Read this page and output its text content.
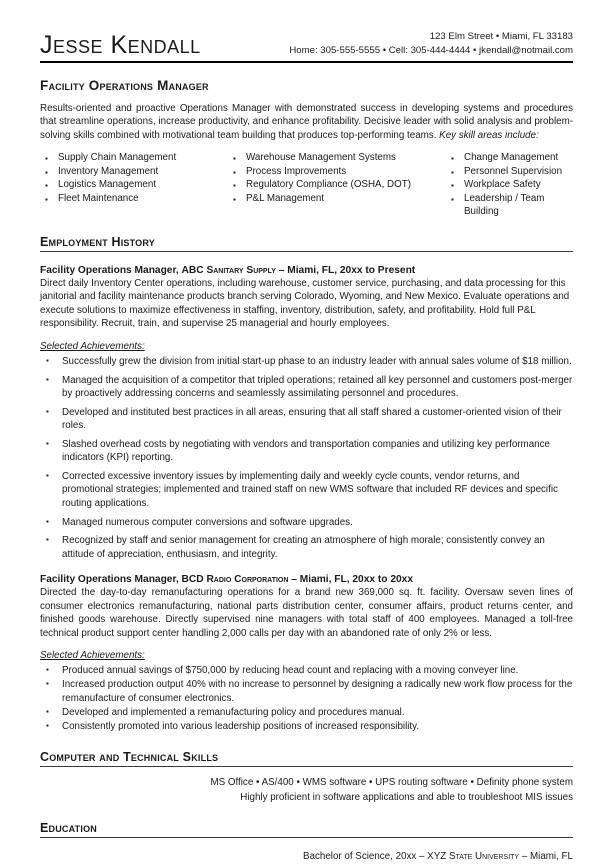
Jesse Kendall	123 Elm Street • Miami, FL 33183
Home: 305-555-5555 • Cell: 305-444-4444 • jkendall@notmail.com
Facility Operations Manager

Results-oriented and proactive Operations Manager with demonstrated success in developing systems and procedures that streamline operations, increase productivity, and enhance profitability. Decisive leader with solid analysis and problem-solving skills combined with motivational team building that produces top-performing teams. Key skill areas include:

▪ Supply Chain Management
▪ Inventory Management
▪ Logistics Management
▪ Fleet Maintenance
▪ Warehouse Management Systems
▪ Process Improvements
▪ Regulatory Compliance (OSHA, DOT)
▪ P&L Management
▪ Change Management
▪ Personnel Supervision
▪ Workplace Safety
▪ Leadership / Team Building
Employment History
Facility Operations Manager, ABC Sanitary Supply – Miami, FL, 20xx to Present

Direct daily Inventory Center operations, including warehouse, customer service, purchasing, and data processing for this janitorial and facility maintenance products branch serving Colorado, Wyoming, and New Mexico. Evaluate operations and execute solutions to maximize effectiveness in staffing, inventory, distribution, safety, and profitability. Hold full P&L responsibility. Recruit, train, and supervise 25 managerial and hourly employees.

Selected Achievements:
▪ Successfully grew the division from initial start-up phase to an industry leader with annual sales volume of $18 million.
▪ Managed the acquisition of a competitor that tripled operations; retained all key personnel and customers post-merger by proactively addressing concerns and seamlessly assimilating personnel and procedures.
▪ Developed and instituted best practices in all areas, ensuring that all staff shared a customer-oriented vision of their roles.
▪ Slashed overhead costs by negotiating with vendors and transportation companies and utilizing key performance indicators (KPI) reporting.
▪ Corrected excessive inventory issues by implementing daily and weekly cycle counts, vendor returns, and promotional strategies; implemented and trained staff on new WMS software that included RF devices and specific routing applications.
▪ Managed numerous computer conversions and software upgrades.
▪ Recognized by staff and senior management for creating an atmosphere of high morale; consistently convey an attitude of appreciation, enthusiasm, and integrity.
Facility Operations Manager, BCD Radio Corporation – Miami, FL, 20xx to 20xx

Directed the day-to-day remanufacturing operations for a brand new 369,000 sq. ft. facility. Oversaw seven lines of consumer electronics remanufacturing, national parts distribution center, consumer affairs, product returns center, and finished goods warehouse. Directly supervised nine managers with total staff of 400 employees. Managed a toll-free technical product support center handling 2,000 calls per day with an abandoned rate of only 2% or less.

Selected Achievements:
▪ Produced annual savings of $750,000 by reducing head count and replacing with a moving conveyer line.
▪ Increased production output 40% with no increase to personnel by designing a radically new work flow process for the remanufacture of consumer electronics.
▪ Developed and implemented a remanufacturing policy and procedures manual.
▪ Consistently promoted into various leadership positions of increased responsibility.
Computer and Technical Skills
MS Office • AS/400 • WMS software • UPS routing software • Definity phone system
Highly proficient in software applications and able to troubleshoot MIS issues
Education
Bachelor of Science, 20xx – XYZ State University – Miami, FL
